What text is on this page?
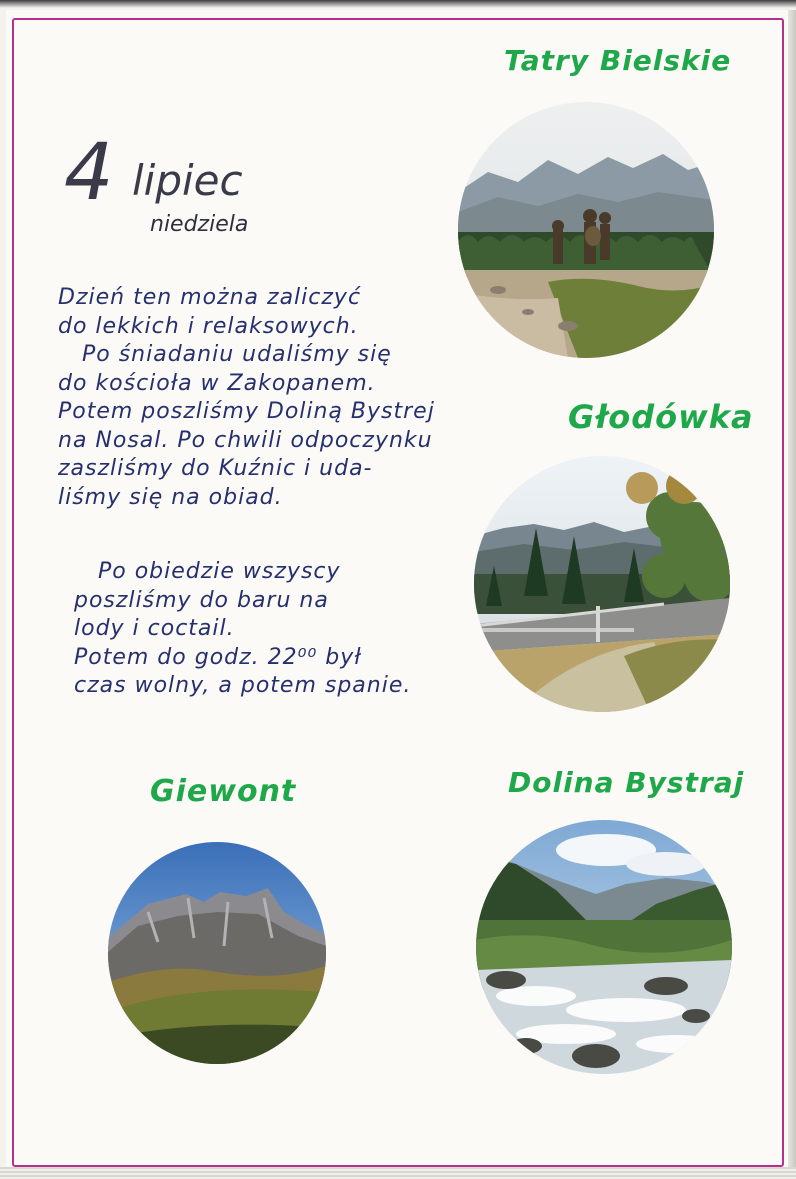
4 lipiec
niedziela
Tatry Bielskie
Głodówka
Giewont	Dolina Bystraj
Dzień ten można zaliczyć
do lekkich i relaksowych.
Po śniadaniu udaliśmy się
do kościoła w Zakopanem.
Potem poszliśmy Doliną Bystrej
na Nosal. Po chwili odpoczynku
zaszliśmy do Kuźnic i uda-
liśmy się na obiad.
Po obiedzie wszyscy
poszliśmy do baru na
lody i coctail.
Potem do godz. 22⁰⁰ był
czas wolny, a potem spanie.
